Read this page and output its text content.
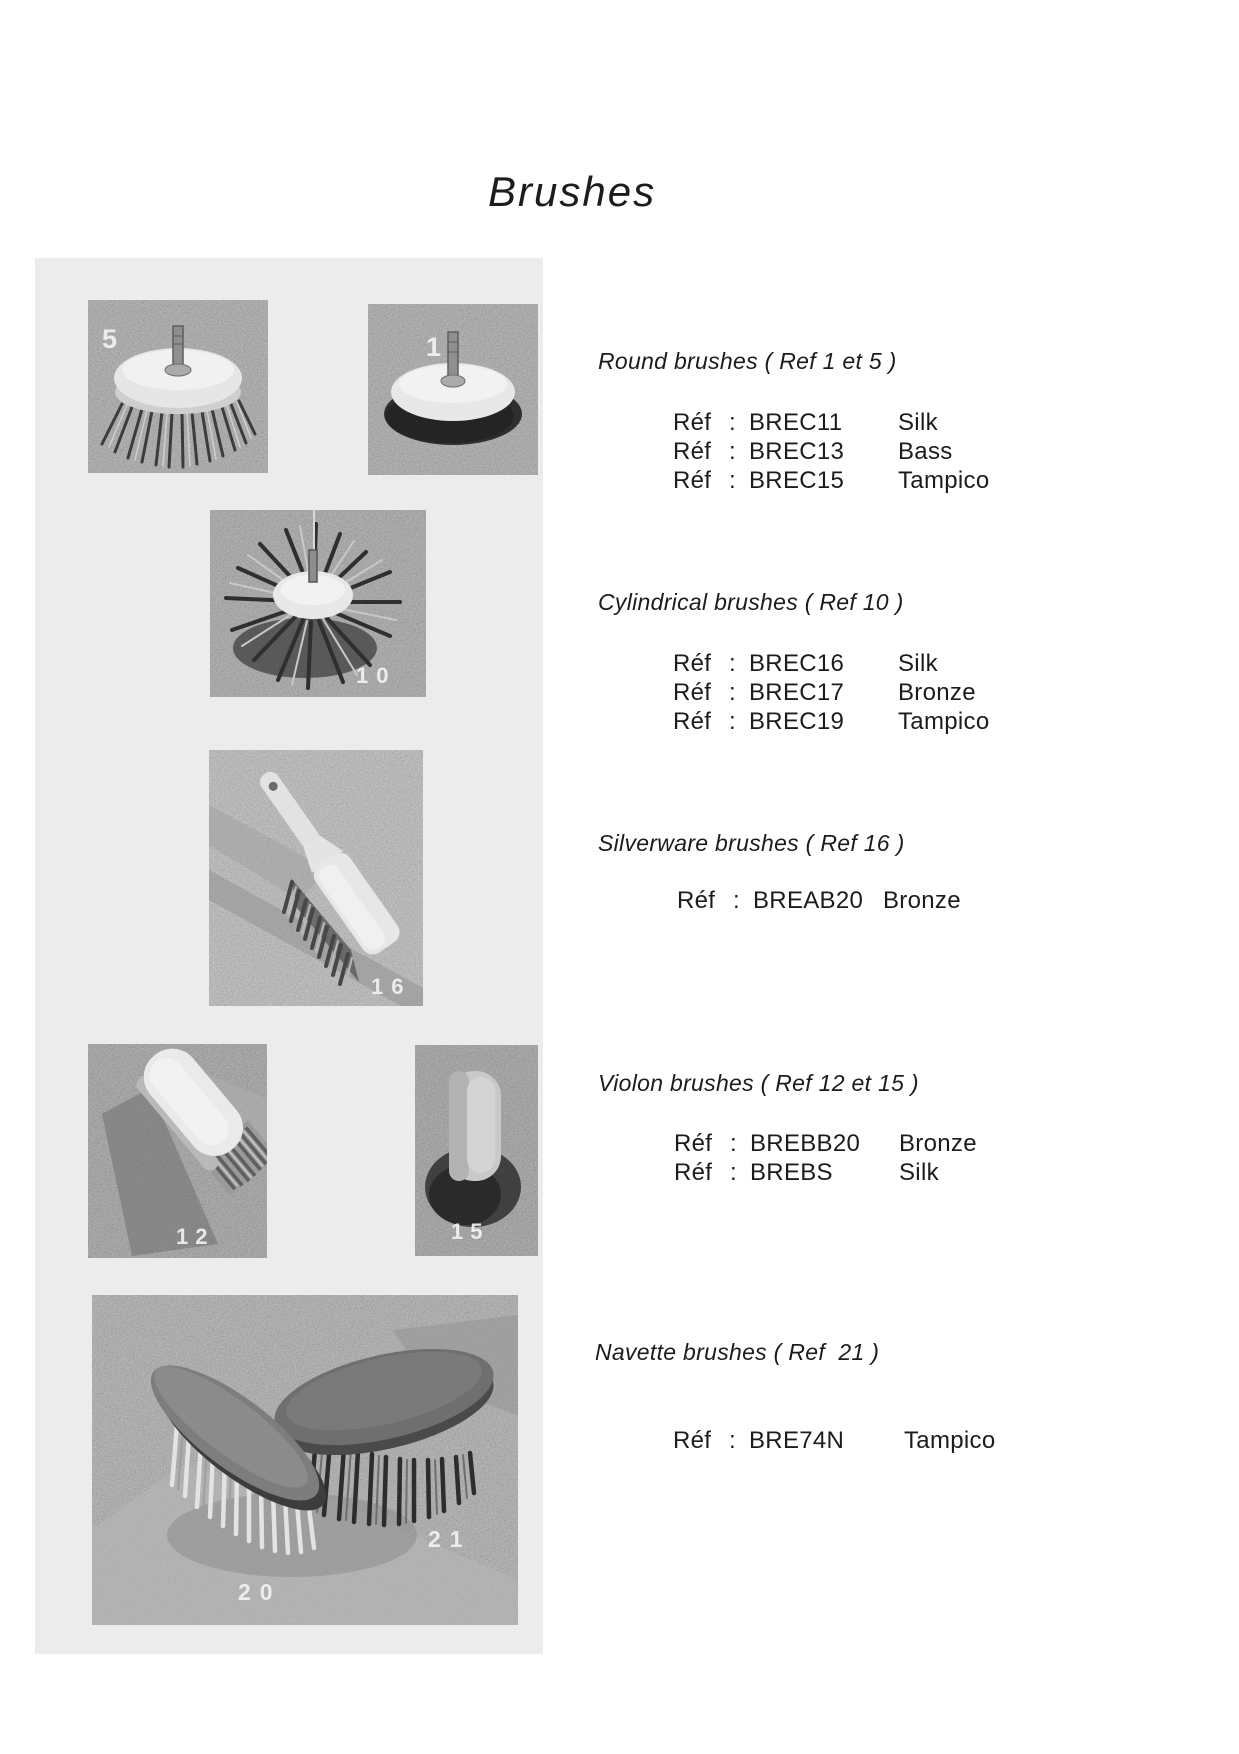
Brushes
5	1
10
16
12	15
20
21
Round brushes ( Ref 1 et 5 )
Réf : BREC11	Silk
Réf : BREC13	Bass
Réf : BREC15	Tampico
Cylindrical brushes ( Ref 10 )
Réf : BREC16	Silk
Réf : BREC17	Bronze
Réf : BREC19	Tampico
Silverware brushes ( Ref 16 )
Réf : BREAB20 Bronze
Violon brushes ( Ref 12 et 15 )
Réf : BREBB20	Bronze
Réf : BREBS	Silk
Navette brushes ( Ref  21 )
Réf : BRE74N	Tampico
